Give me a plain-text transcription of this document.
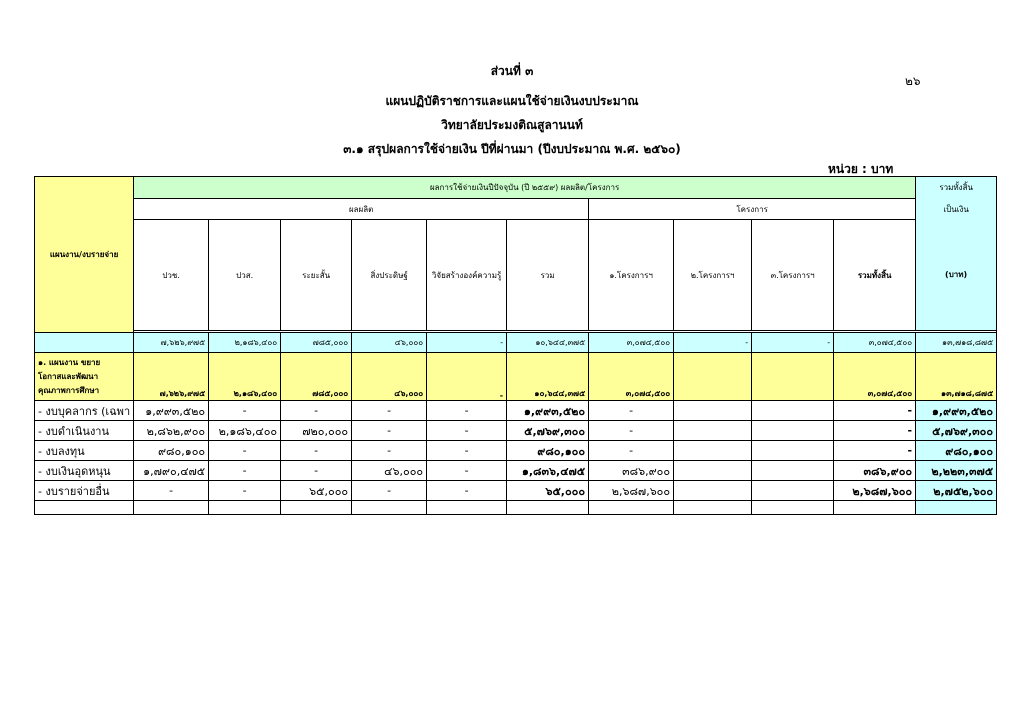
ส่วนที่ ๓
๒๖
แผนปฏิบัติราชการและแผนใช้จ่ายเงินงบประมาณ
วิทยาลัยประมงติณสูลานนท์
๓.๑ สรุปผลการใช้จ่ายเงิน ปีที่ผ่านมา (ปีงบประมาณ พ.ศ. ๒๕๖๐)
หน่วย : บาท
แผนงาน/งบรายจ่าย	ผลการใช้จ่ายเงินปีปัจจุบัน (ปี ๒๕๕๙) ผลผลิต/โครงการ										รวมทั้งสิ้น
	ผลผลิต						โครงการ				เป็นเงิน
	ปวช.	ปวส.	ระยะสั้น	สิ่งประดิษฐ์	วิจัยสร้างองค์ความรู้	รวม	๑.โครงการฯ	๒.โครงการฯ	๓.โครงการฯ	รวมทั้งสิ้น	(บาท)

	๗,๖๒๖,๙๗๕	๒,๑๘๖,๔๐๐	๗๘๕,๐๐๐	๔๖,๐๐๐	-	๑๐,๖๔๔,๓๗๕	๓,๐๗๔,๕๐๐	-	-	๓,๐๗๔,๕๐๐	๑๓,๗๑๘,๘๗๕

๑. แผนงาน ขยาย
โอกาสและพัฒนา
คุณภาพการศึกษา	๗,๖๒๖,๙๗๕	๒,๑๘๖,๔๐๐	๗๘๕,๐๐๐	๔๖,๐๐๐	-	๑๐,๖๔๔,๓๗๕	๓,๐๗๔,๕๐๐			๓,๐๗๔,๕๐๐	๑๓,๗๑๘,๘๗๕
- งบบุคลากร (เฉพา	๑,๙๙๓,๕๒๐	-	-	-	-	๑,๙๙๓,๕๒๐	-			-	๑,๙๙๓,๕๒๐
- งบดำเนินงาน	๒,๘๖๒,๙๐๐	๒,๑๘๖,๔๐๐	๗๒๐,๐๐๐	-	-	๕,๗๖๙,๓๐๐	-			-	๕,๗๖๙,๓๐๐
- งบลงทุน	๙๘๐,๑๐๐	-	-	-	-	๙๘๐,๑๐๐	-			-	๙๘๐,๑๐๐
- งบเงินอุดหนุน	๑,๗๙๐,๔๗๕	-	-	๔๖,๐๐๐	-	๑,๘๓๖,๔๗๕	๓๘๖,๙๐๐			๓๘๖,๙๐๐	๒,๒๒๓,๓๗๕
- งบรายจ่ายอื่น	-	-	๖๕,๐๐๐	-	-	๖๕,๐๐๐	๒,๖๘๗,๖๐๐			๒,๖๘๗,๖๐๐	๒,๗๕๒,๖๐๐
